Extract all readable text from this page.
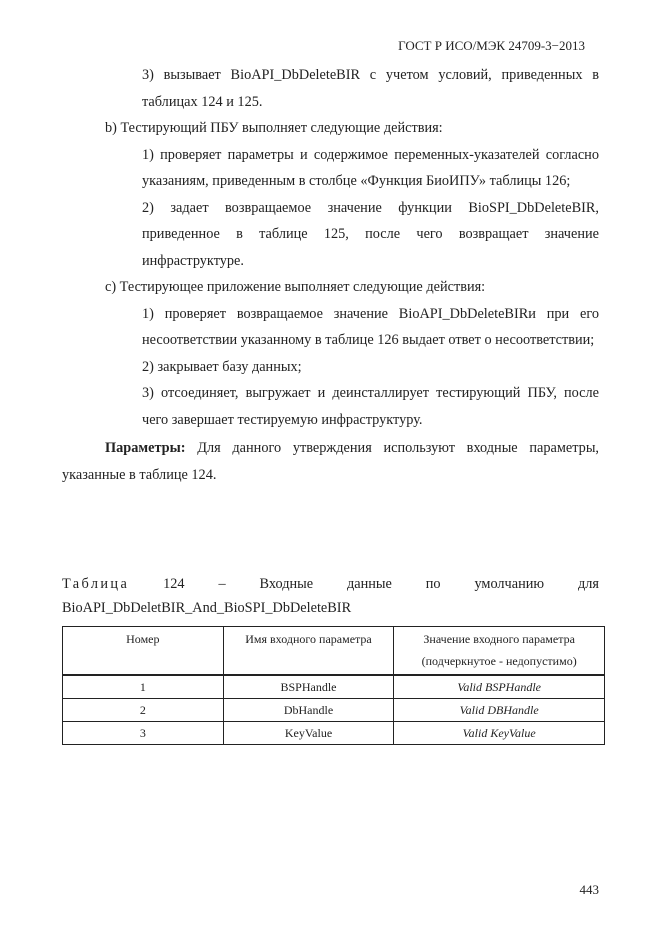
ГОСТ Р ИСО/МЭК 24709-3−2013

3) вызывает BioAPI_DbDeleteBIR с учетом условий, приведенных в таблицах 124 и 125.

b) Тестирующий ПБУ выполняет следующие действия:

1) проверяет параметры и содержимое переменных-указателей согласно указаниям, приведенным в столбце «Функция БиоИПУ» таблицы 126;

2) задает возвращаемое значение функции BioSPI_DbDeleteBIR, приведенное в таблице 125, после чего возвращает значение инфраструктуре.

c) Тестирующее приложение выполняет следующие действия:

1) проверяет возвращаемое значение BioAPI_DbDeleteBIRи при его несоответствии указанному в таблице 126 выдает ответ о несоответствии;

2) закрывает базу данных;

3) отсоединяет, выгружает и деинсталлирует тестирующий ПБУ, после чего завершает тестируемую инфраструктуру.

Параметры: Для данного утверждения используют входные параметры, указанные в таблице 124.

Таблица 124 – Входные данные по умолчанию для
BioAPI_DbDeletBIR_And_BioSPI_DbDeleteBIR
Номер	Имя входного параметра	Значение входного параметра
(подчеркнутое - недопустимо)

1	BSPHandle	Valid BSPHandle
2	DbHandle	Valid DBHandle
3	KeyValue	Valid KeyValue
443
